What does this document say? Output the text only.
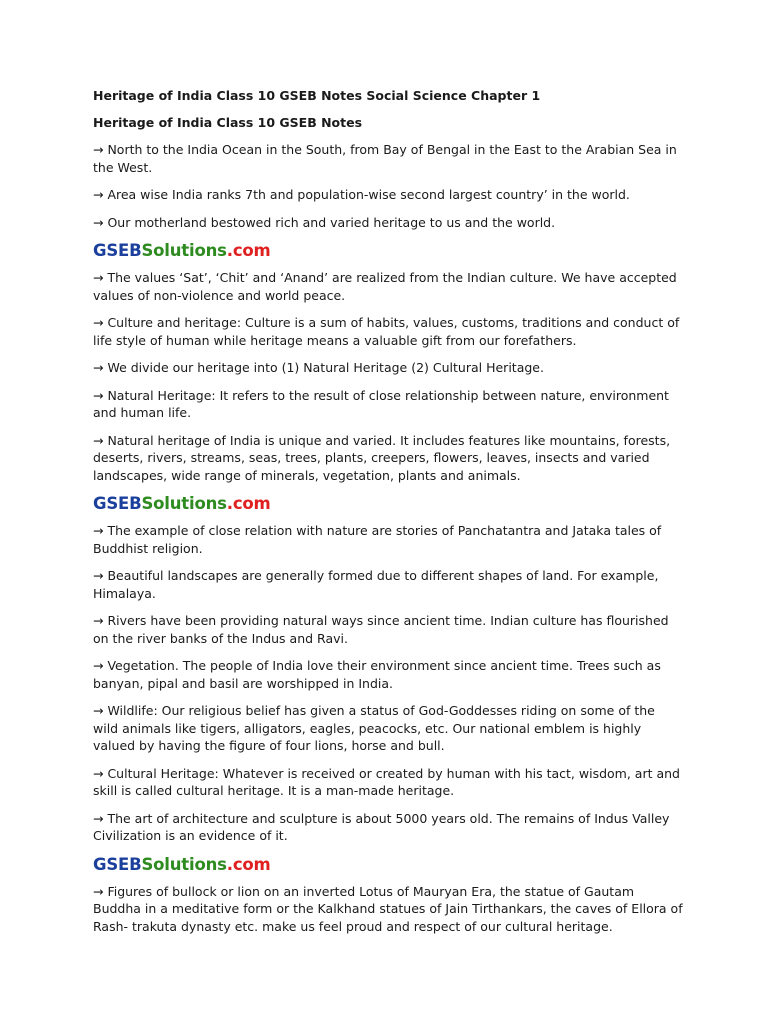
Heritage of India Class 10 GSEB Notes Social Science Chapter 1

Heritage of India Class 10 GSEB Notes

→ North to the India Ocean in the South, from Bay of Bengal in the East to the Arabian Sea in the West.

→ Area wise India ranks 7th and population-wise second largest country’ in the world.

→ Our motherland bestowed rich and varied heritage to us and the world.

GSEBSolutions.com

→ The values ‘Sat’, ‘Chit’ and ‘Anand’ are realized from the Indian culture. We have accepted values of non-violence and world peace.

→ Culture and heritage: Culture is a sum of habits, values, customs, traditions and conduct of life style of human while heritage means a valuable gift from our forefathers.

→ We divide our heritage into (1) Natural Heritage (2) Cultural Heritage.

→ Natural Heritage: It refers to the result of close relationship between nature, environment and human life.

→ Natural heritage of India is unique and varied. It includes features like mountains, forests, deserts, rivers, streams, seas, trees, plants, creepers, flowers, leaves, insects and varied landscapes, wide range of minerals, vegetation, plants and animals.

GSEBSolutions.com

→ The example of close relation with nature are stories of Panchatantra and Jataka tales of Buddhist religion.

→ Beautiful landscapes are generally formed due to different shapes of land. For example, Himalaya.

→ Rivers have been providing natural ways since ancient time. Indian culture has flourished on the river banks of the Indus and Ravi.

→ Vegetation. The people of India love their environment since ancient time. Trees such as banyan, pipal and basil are worshipped in India.

→ Wildlife: Our religious belief has given a status of God-Goddesses riding on some of the wild animals like tigers, alligators, eagles, peacocks, etc. Our national emblem is highly valued by having the figure of four lions, horse and bull.

→ Cultural Heritage: Whatever is received or created by human with his tact, wisdom, art and skill is called cultural heritage. It is a man-made heritage.

→ The art of architecture and sculpture is about 5000 years old. The remains of Indus Valley Civilization is an evidence of it.

GSEBSolutions.com

→ Figures of bullock or lion on an inverted Lotus of Mauryan Era, the statue of Gautam Buddha in a meditative form or the Kalkhand statues of Jain Tirthankars, the caves of Ellora of Rash- trakuta dynasty etc. make us feel proud and respect of our cultural heritage.
